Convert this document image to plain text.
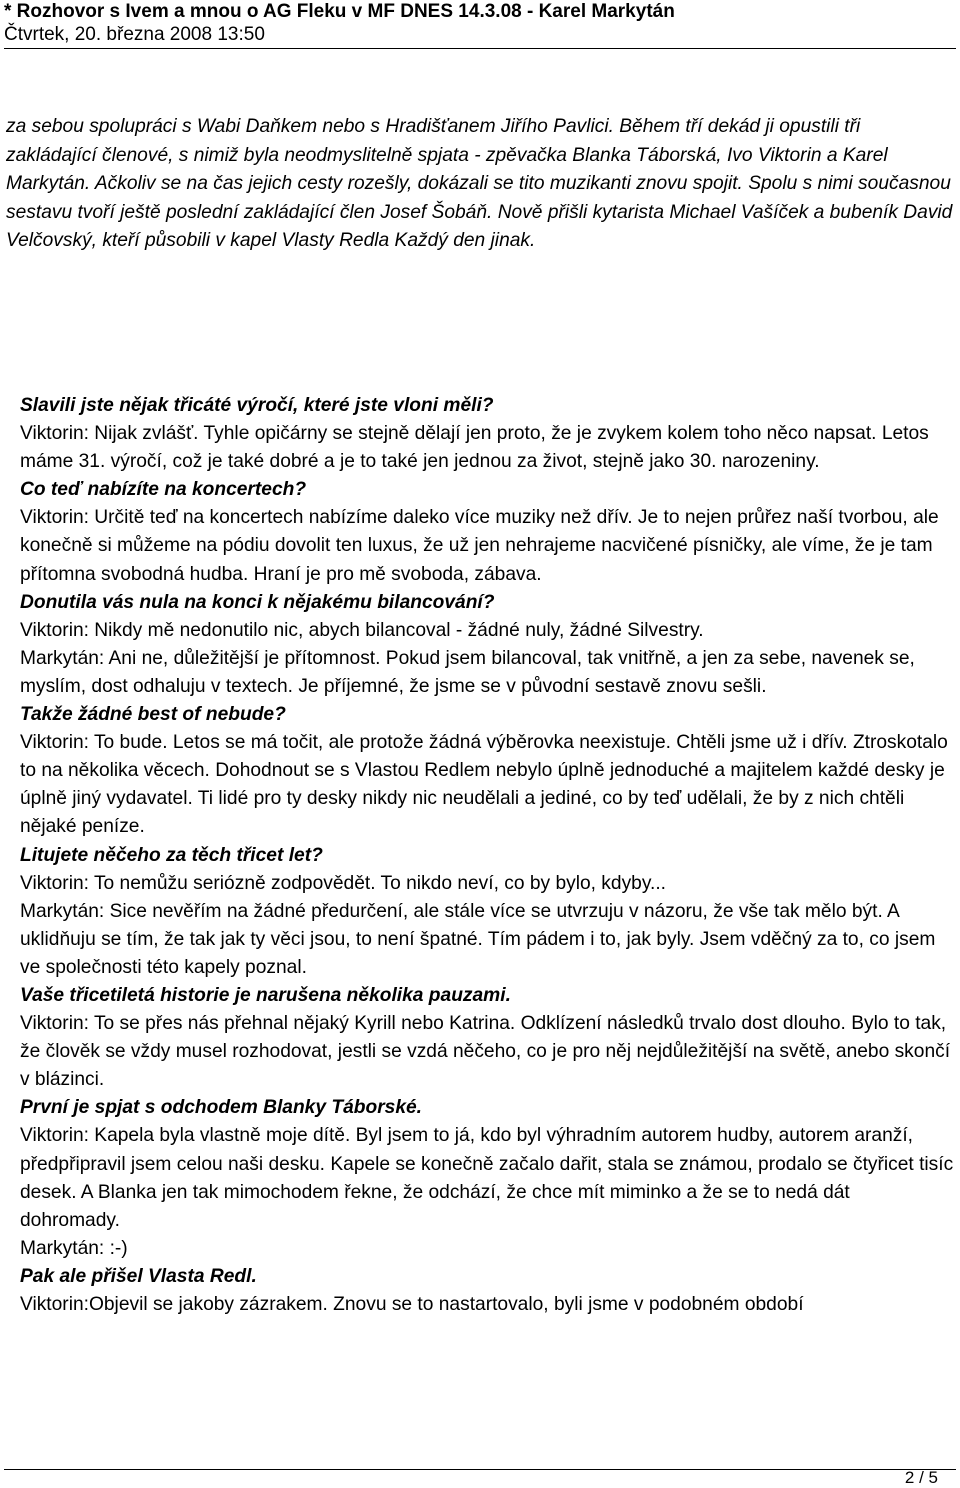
* Rozhovor s Ivem a mnou o AG Fleku v MF DNES 14.3.08 - Karel Markytán
Čtvrtek, 20. března 2008 13:50

za sebou spolupráci s Wabi Daňkem nebo s Hradišťanem Jiřího Pavlici. Během tří dekád ji opustili tři zakládající členové, s nimiž byla neodmyslitelně spjata - zpěvačka Blanka Táborská, Ivo Viktorin a Karel Markytán. Ačkoliv se na čas jejich cesty rozešly, dokázali se tito muzikanti znovu spojit. Spolu s nimi současnou sestavu tvoří ještě poslední zakládající člen Josef Šobáň. Nově přišli kytarista Michael Vašíček a bubeník David Velčovský, kteří působili v kapel Vlasty Redla Každý den jinak.

Slavili jste nějak třicáté výročí, které jste vloni měli?

Viktorin: Nijak zvlášť. Tyhle opičárny se stejně dělají jen proto, že je zvykem kolem toho něco napsat. Letos máme 31. výročí, což je také dobré a je to také jen jednou za život, stejně jako 30. narozeniny.

Co teď nabízíte na koncertech?

Viktorin: Určitě teď na koncertech nabízíme daleko více muziky než dřív. Je to nejen průřez naší tvorbou, ale konečně si můžeme na pódiu dovolit ten luxus, že už jen nehrajeme nacvičené písničky, ale víme, že je tam přítomna svobodná hudba. Hraní je pro mě svoboda, zábava.

Donutila vás nula na konci k nějakému bilancování?

Viktorin: Nikdy mě nedonutilo nic, abych bilancoval - žádné nuly, žádné Silvestry.

Markytán: Ani ne, důležitější je přítomnost. Pokud jsem bilancoval, tak vnitřně, a jen za sebe, navenek se, myslím, dost odhaluju v textech. Je příjemné, že jsme se v původní sestavě znovu sešli.

Takže žádné best of nebude?

Viktorin: To bude. Letos se má točit, ale protože žádná výběrovka neexistuje. Chtěli jsme už i dřív. Ztroskotalo to na několika věcech. Dohodnout se s Vlastou Redlem nebylo úplně jednoduché a majitelem každé desky je úplně jiný vydavatel. Ti lidé pro ty desky nikdy nic neudělali a jediné, co by teď udělali, že by z nich chtěli nějaké peníze.

Litujete něčeho za těch třicet let?

Viktorin: To nemůžu seriózně zodpovědět. To nikdo neví, co by bylo, kdyby...

Markytán: Sice nevěřím na žádné předurčení, ale stále více se utvrzuju v názoru, že vše tak mělo být. A uklidňuju se tím, že tak jak ty věci jsou, to není špatné. Tím pádem i to, jak byly. Jsem vděčný za to, co jsem ve společnosti této kapely poznal.

Vaše třicetiletá historie je narušena několika pauzami.

Viktorin: To se přes nás přehnal nějaký Kyrill nebo Katrina. Odklízení následků trvalo dost dlouho. Bylo to tak, že člověk se vždy musel rozhodovat, jestli se vzdá něčeho, co je pro něj nejdůležitější na světě, anebo skončí v blázinci.

První je spjat s odchodem Blanky Táborské.

Viktorin: Kapela byla vlastně moje dítě. Byl jsem to já, kdo byl výhradním autorem hudby, autorem aranží, předpřipravil jsem celou naši desku. Kapele se konečně začalo dařit, stala se známou, prodalo se čtyřicet tisíc desek. A Blanka jen tak mimochodem řekne, že odchází, že chce mít miminko a že se to nedá dát dohromady.

Markytán: :-)

Pak ale přišel Vlasta Redl.

Viktorin:Objevil se jakoby zázrakem. Znovu se to nastartovalo, byli jsme v podobném období

2 / 5
